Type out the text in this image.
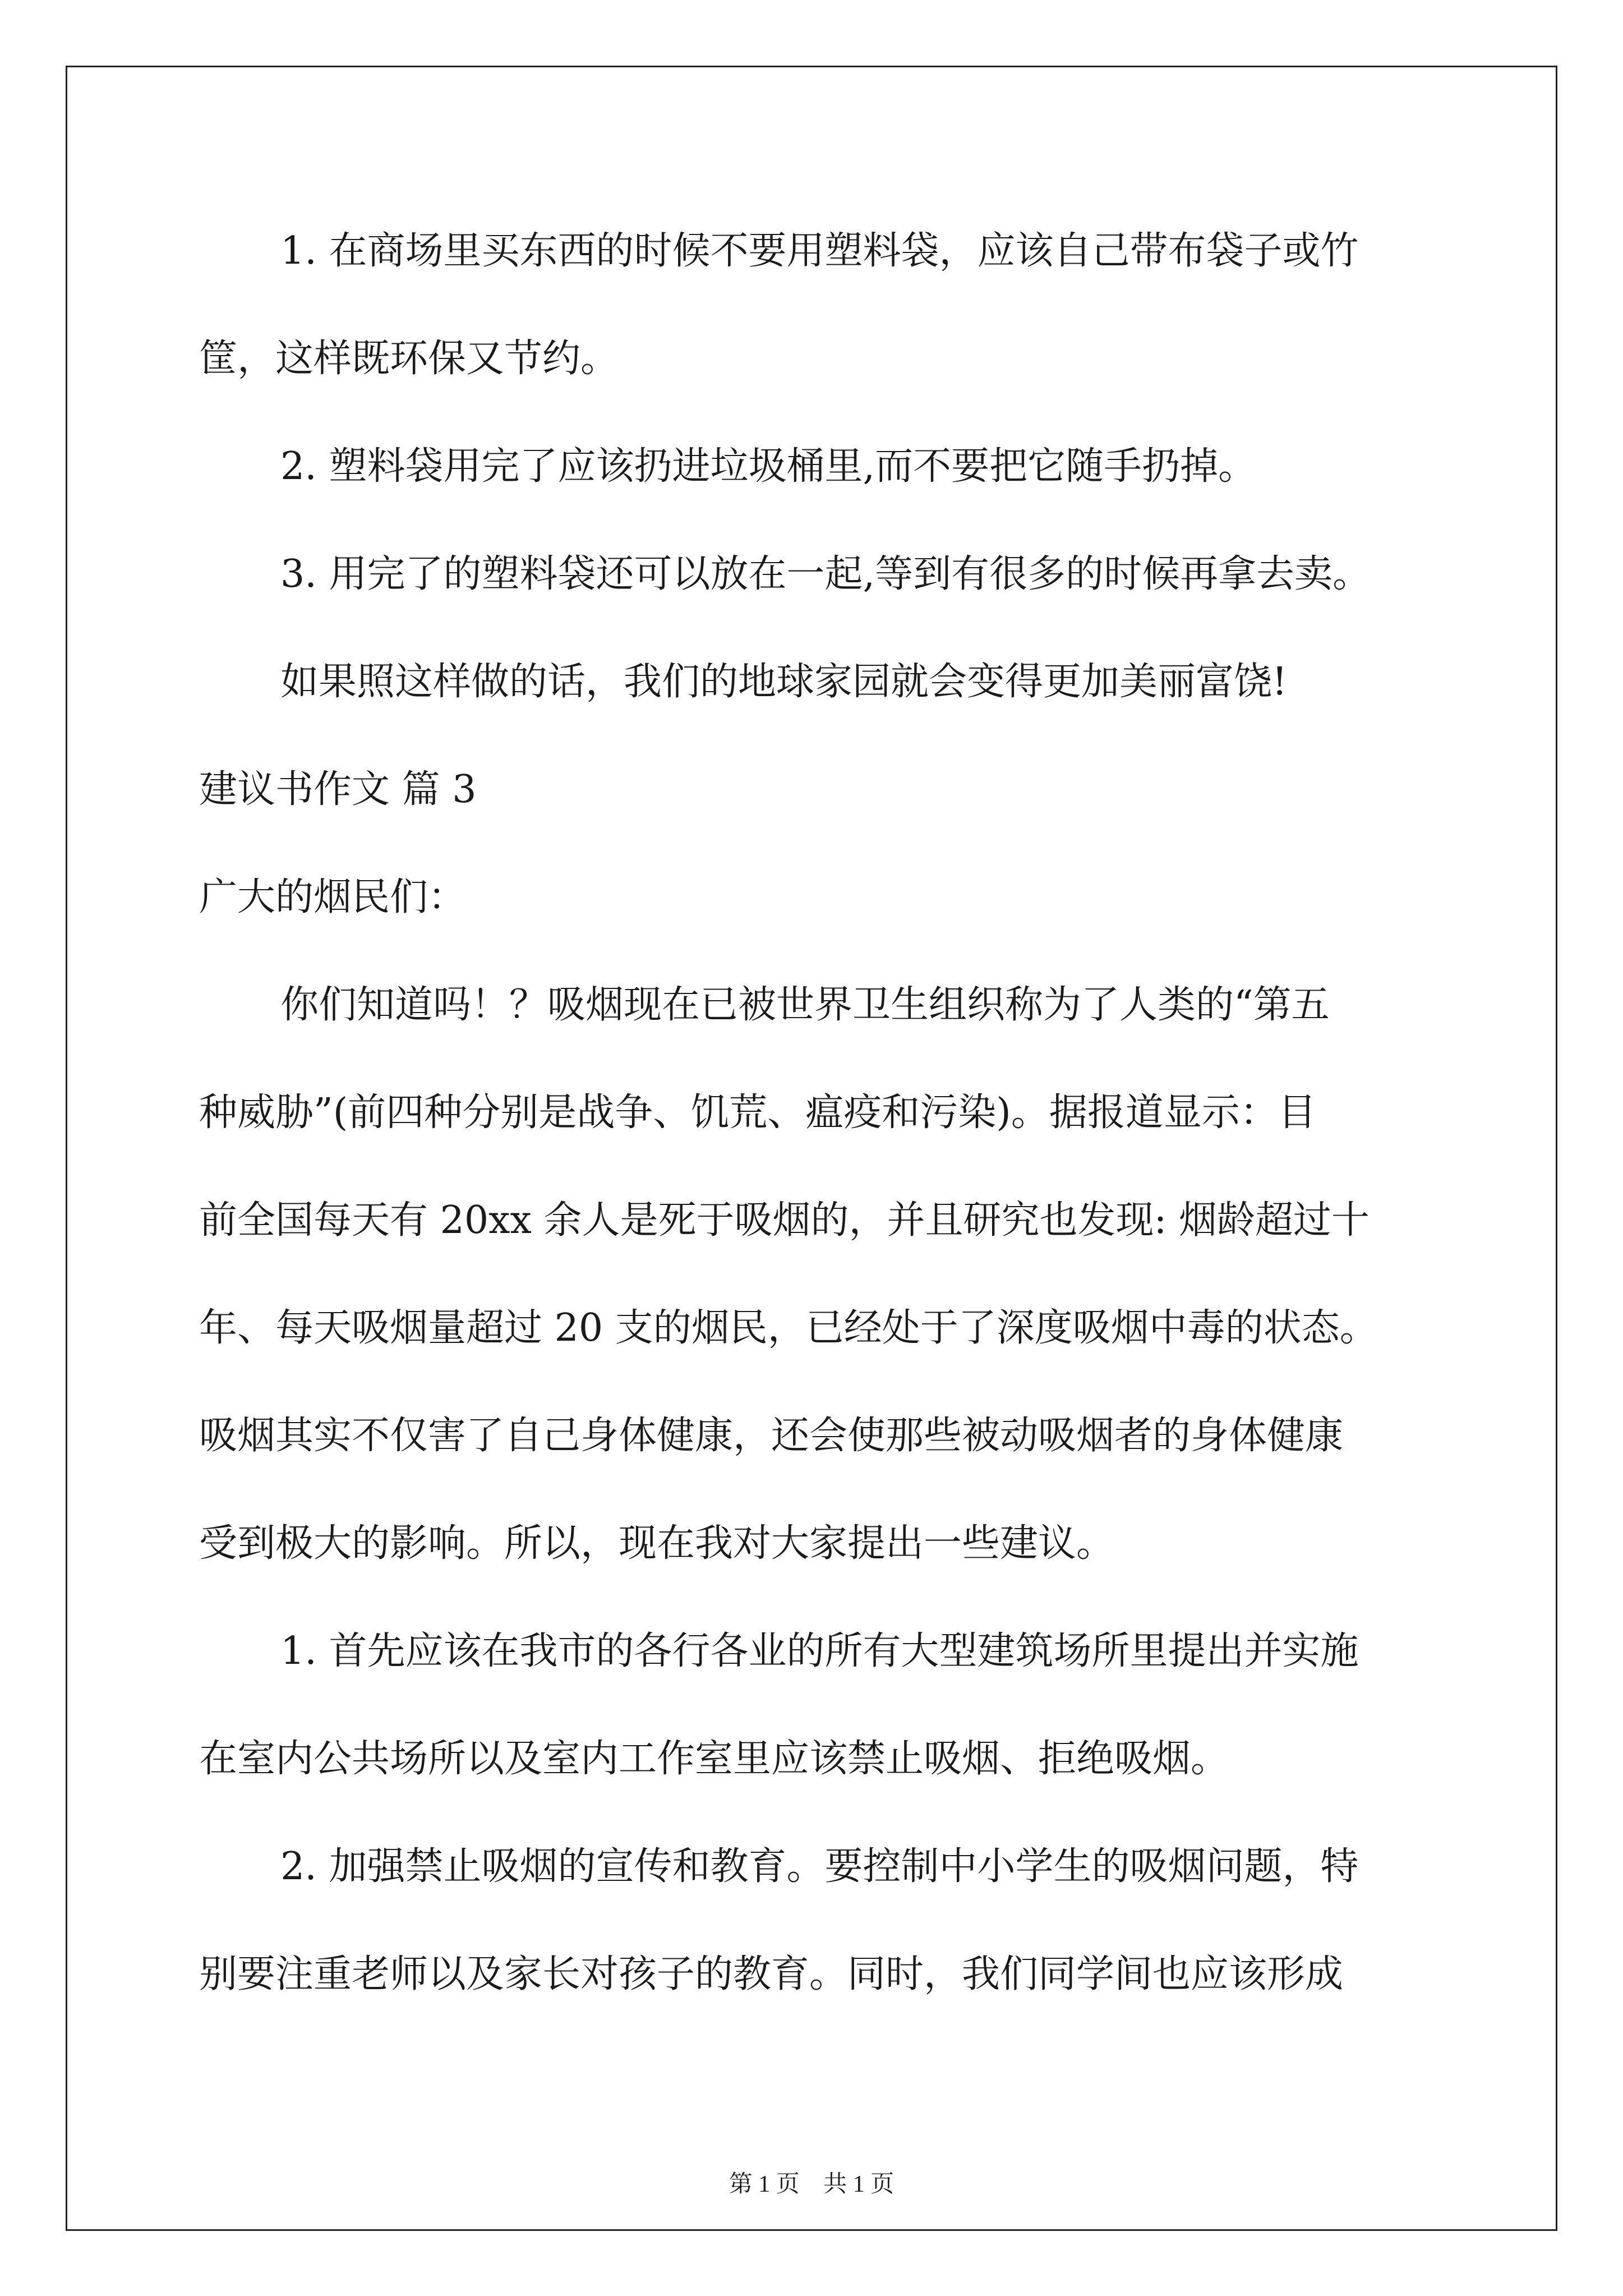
1. 在商场里买东西的时候不要用塑料袋，应该自己带布袋子或竹
筐，这样既环保又节约。
2. 塑料袋用完了应该扔进垃圾桶里,而不要把它随手扔掉。
3. 用完了的塑料袋还可以放在一起,等到有很多的时候再拿去卖。
如果照这样做的话，我们的地球家园就会变得更加美丽富饶!
建议书作文 篇 3
广大的烟民们：
你们知道吗！？吸烟现在已被世界卫生组织称为了人类的“第五
种威胁”(前四种分别是战争、饥荒、瘟疫和污染)。据报道显示：目
前全国每天有 20xx 余人是死于吸烟的，并且研究也发现: 烟龄超过十
年、每天吸烟量超过 20 支的烟民，已经处于了深度吸烟中毒的状态。
吸烟其实不仅害了自己身体健康，还会使那些被动吸烟者的身体健康
受到极大的影响。所以，现在我对大家提出一些建议。
1. 首先应该在我市的各行各业的所有大型建筑场所里提出并实施
在室内公共场所以及室内工作室里应该禁止吸烟、拒绝吸烟。
2. 加强禁止吸烟的宣传和教育。要控制中小学生的吸烟问题，特
别要注重老师以及家长对孩子的教育。同时，我们同学间也应该形成
第 1 页 共 1 页
